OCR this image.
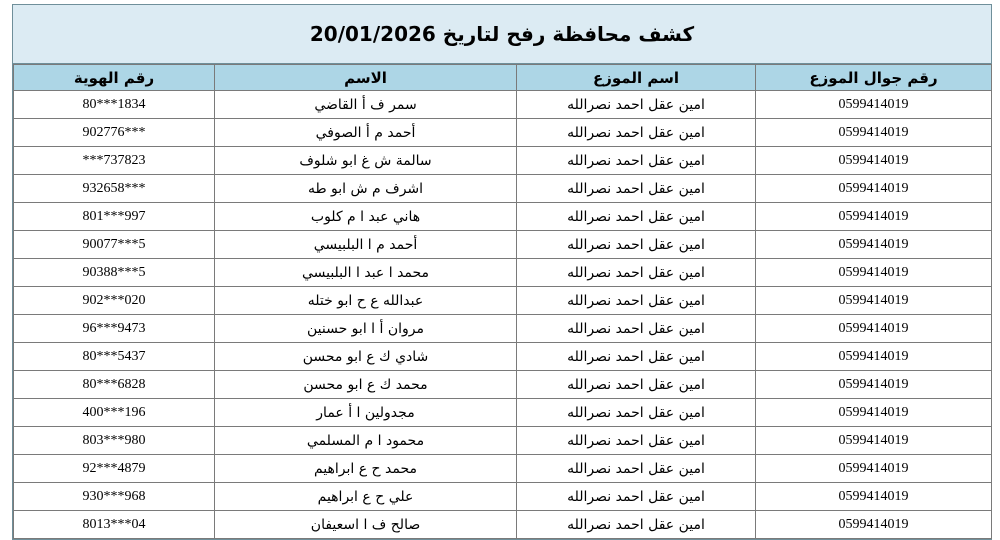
كشف محافظة رفح لتاريخ 20/01/2026
رقم الهوية	الاسم	اسم الموزع	رقم جوال الموزع
80***1834	سمر ف أ القاضي	امين عقل احمد نصرالله	0599414019
902776***	أحمد م أ الصوفي	امين عقل احمد نصرالله	0599414019
***737823	سالمة ش غ ابو شلوف	امين عقل احمد نصرالله	0599414019
932658***	اشرف م ش ابو طه	امين عقل احمد نصرالله	0599414019
801***997	هاني عبد ا م كلوب	امين عقل احمد نصرالله	0599414019
90077***5	أحمد م ا البلبيسي	امين عقل احمد نصرالله	0599414019
90388***5	محمد ا عبد ا البلبيسي	امين عقل احمد نصرالله	0599414019
902***020	عبدالله ع ح ابو ختله	امين عقل احمد نصرالله	0599414019
96***9473	مروان أ ا ابو حسنين	امين عقل احمد نصرالله	0599414019
80***5437	شادي ك ع ابو محسن	امين عقل احمد نصرالله	0599414019
80***6828	محمد ك ع ابو محسن	امين عقل احمد نصرالله	0599414019
400***196	مجدولين ا أ عمار	امين عقل احمد نصرالله	0599414019
803***980	محمود ا م المسلمي	امين عقل احمد نصرالله	0599414019
92***4879	محمد ح ع ابراهيم	امين عقل احمد نصرالله	0599414019
930***968	علي ح ع ابراهيم	امين عقل احمد نصرالله	0599414019
8013***04	صالح ف ا اسعيفان	امين عقل احمد نصرالله	0599414019
